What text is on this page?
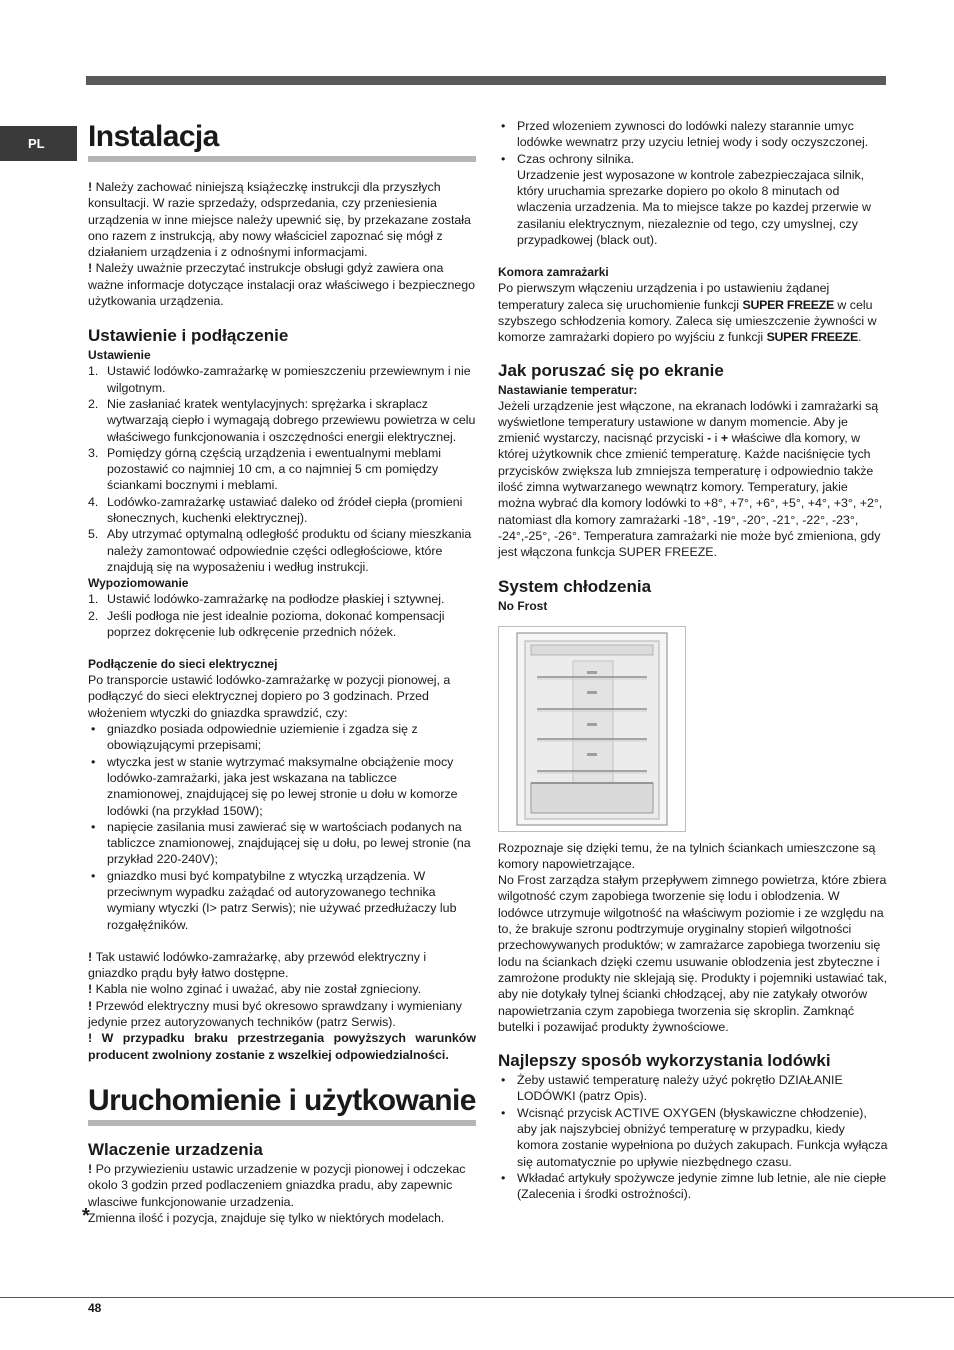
PL	Instalacja

! Należy zachować niniejszą książeczkę instrukcji dla przyszłych konsultacji. W razie sprzedaży, odsprzedania, czy przeniesienia urządzenia w inne miejsce należy upewnić się, by przekazane została ono razem z instrukcją, aby nowy właściciel zapoznać się mógł z działaniem urządzenia i z odnośnymi informacjami.

! Należy uważnie przeczytać instrukcje obsługi gdyż zawiera ona ważne informacje dotyczące instalacji oraz właściwego i bezpiecznego użytkowania urządzenia.

Ustawienie i podłączenie
Ustawienie
1. Ustawić lodówko-zamrażarkę w pomieszczeniu przewiewnym i nie wilgotnym.
2. Nie zasłaniać kratek wentylacyjnych: sprężarka i skraplacz wytwarzają ciepło i wymagają dobrego przewiewu powietrza w celu właściwego funkcjonowania i oszczędności energii elektrycznej.
3. Pomiędzy górną częścią urządzenia i ewentualnymi meblami pozostawić co najmniej 10 cm, a co najmniej 5 cm pomiędzy ściankami bocznymi i meblami.
4. Lodówko-zamrażarkę ustawiać daleko od źródeł ciepła (promieni słonecznych, kuchenki elektrycznej).
5. Aby utrzymać optymalną odległość produktu od ściany mieszkania należy zamontować odpowiednie części odległościowe, które znajdują się na wyposażeniu i według instrukcji.
Wypoziomowanie
1. Ustawić lodówko-zamrażarkę na podłodze płaskiej i sztywnej.
2. Jeśli podłoga nie jest idealnie pozioma, dokonać kompensacji poprzez dokręcenie lub odkręcenie przednich nóżek.
Podłączenie do sieci elektrycznej

Po transporcie ustawić lodówko-zamrażarkę w pozycji pionowej, a podłączyć do sieci elektrycznej dopiero po 3 godzinach. Przed włożeniem wtyczki do gniazdka sprawdzić, czy:

• gniazdko posiada odpowiednie uziemienie i zgadza się z obowiązującymi przepisami;
• wtyczka jest w stanie wytrzymać maksymalne obciążenie mocy lodówko-zamrażarki, jaka jest wskazana na tabliczce znamionowej, znajdującej się po lewej stronie u dołu w komorze lodówki (na przykład 150W);
• napięcie zasilania musi zawierać się w wartościach podanych na tabliczce znamionowej, znajdującej się u dołu, po lewej stronie (na przykład 220-240V);
• gniazdko musi być kompatybilne z wtyczką urządzenia. W przeciwnym wypadku zażądać od autoryzowanego technika wymiany wtyczki (I> patrz Serwis); nie używać przedłużaczy lub rozgałęźników.

! Tak ustawić lodówko-zamrażarkę, aby przewód elektryczny i gniazdko prądu były łatwo dostępne.

! Kabla nie wolno zginać i uważać, aby nie został zgnieciony.

! Przewód elektryczny musi być okresowo sprawdzany i wymieniany jedynie przez autoryzowanych techników (patrz Serwis).

! W przypadku braku przestrzegania powyższych warunków producent zwolniony zostanie z wszelkiej odpowiedzialności.

Uruchomienie i użytkowanie
Wlaczenie urzadzenia

! Po przywiezieniu ustawic urzadzenie w pozycji pionowej i odczekac okolo 3 godzin przed podlaczeniem gniazdka pradu, aby zapewnic wlasciwe funkcjonowanie urzadzenia.

*
Zmienna ilość i pozycja, znajduje się tylko w niektórych modelach.

• Przed wlozeniem zywnosci do lodówki nalezy starannie umyc lodówke wewnatrz przy uzyciu letniej wody i sody oczyszczonej.
• Czas ochrony silnika.
Urzadzenie jest wyposazone w kontrole zabezpieczajaca silnik, który uruchamia sprezarke dopiero po okolo 8 minutach od wlaczenia urzadzenia. Ma to miejsce takze po kazdej przerwie w zasilaniu elektrycznym, niezaleznie od tego, czy umyslnej, czy przypadkowej (black out).
Komora zamrażarki

Po pierwszym włączeniu urządzenia i po ustawieniu żądanej temperatury zaleca się uruchomienie funkcji SUPER FREEZE w celu szybszego schłodzenia komory. Zaleca się umieszczenie żywności w komorze zamrażarki dopiero po wyjściu z funkcji SUPER FREEZE.

Jak poruszać się po ekranie
Nastawianie temperatur:

Jeżeli urządzenie jest włączone, na ekranach lodówki i zamrażarki są wyświetlone temperatury ustawione w danym momencie. Aby je zmienić wystarczy, nacisnąć przyciski - i + właściwe dla komory, w której użytkownik chce zmienić temperaturę. Każde naciśnięcie tych przycisków zwiększa lub zmniejsza temperaturę i odpowiednio także ilość zimna wytwarzanego wewnątrz komory. Temperatury, jakie można wybrać dla komory lodówki to +8°, +7°, +6°, +5°, +4°, +3°, +2°, natomiast dla komory zamrażarki -18°, -19°, -20°, -21°, -22°, -23°, -24°,-25°, -26°. Temperatura zamrażarki nie może być zmieniona, gdy jest włączona funkcja SUPER FREEZE.

System chłodzenia
No Frost

Rozpoznaje się dzięki temu, że na tylnich ściankach umieszczone są komory napowietrzające.

No Frost zarządza stałym przepływem zimnego powietrza, które zbiera wilgotność czym zapobiega tworzenie się lodu i oblodzenia. W lodówce utrzymuje wilgotność na właściwym poziomie i ze względu na to, że brakuje szronu podtrzymuje oryginalny stopień wilgotności przechowywanych produktów; w zamrażarce zapobiega tworzeniu się lodu na ściankach dzięki czemu usuwanie oblodzenia jest zbyteczne i zamrożone produkty nie sklejają się. Produkty i pojemniki ustawiać tak, aby nie dotykały tylnej ścianki chłodzącej, aby nie zatykały otworów napowietrzania czym zapobiega tworzenia się skroplin. Zamknąć butelki i pozawijać produkty żywnościowe.

Najlepszy sposób wykorzystania lodówki
• Żeby ustawić temperaturę należy użyć pokrętło DZIAŁANIE LODÓWKI (patrz Opis).
• Wcisnąć przycisk ACTIVE OXYGEN (błyskawiczne chłodzenie), aby jak najszybciej obniżyć temperaturę w przypadku, kiedy komora zostanie wypełniona po dużych zakupach. Funkcja wyłącza się automatycznie po upływie niezbędnego czasu.
• Wkładać artykuły spożywcze jedynie zimne lub letnie, ale nie ciepłe (Zalecenia i środki ostrożności).
48
